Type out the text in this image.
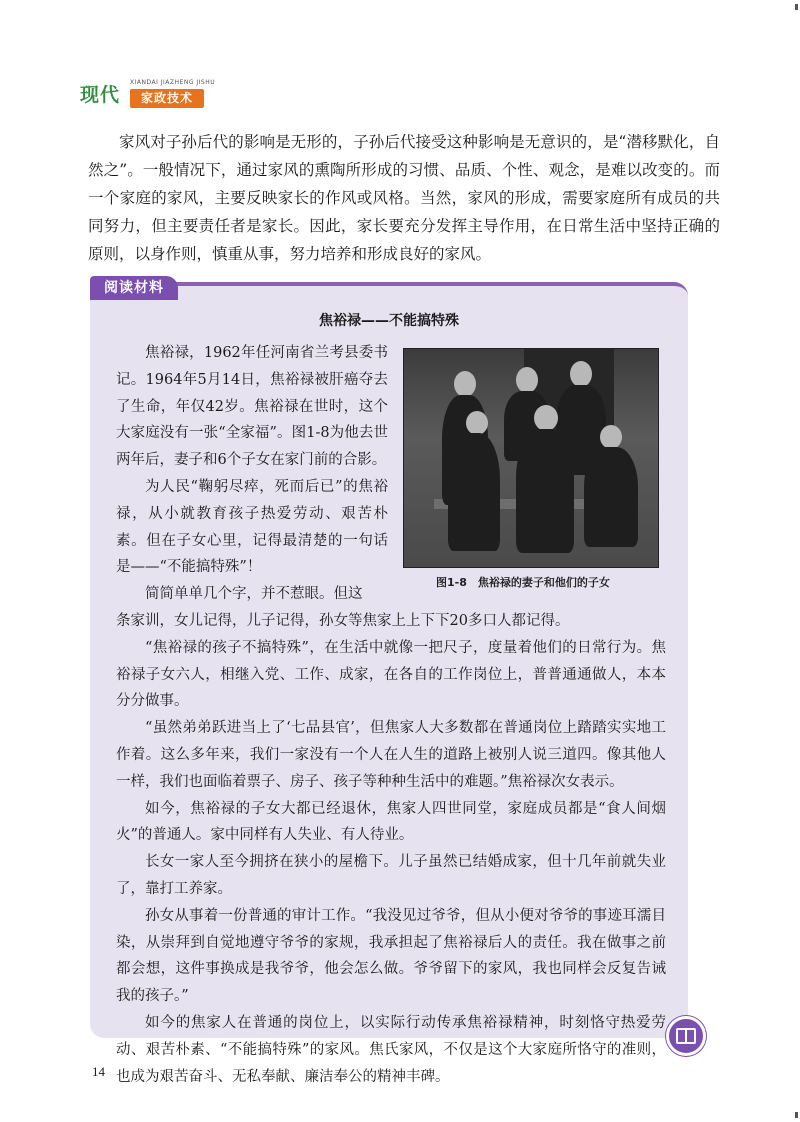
现代
XIANDAI JIAZHENG JISHU
家政技术

家风对子孙后代的影响是无形的，子孙后代接受这种影响是无意识的，是“潜移默化，自然之”。一般情况下，通过家风的熏陶所形成的习惯、品质、个性、观念，是难以改变的。而一个家庭的家风，主要反映家长的作风或风格。当然，家风的形成，需要家庭所有成员的共同努力，但主要责任者是家长。因此，家长要充分发挥主导作用，在日常生活中坚持正确的原则，以身作则，慎重从事，努力培养和形成良好的家风。

阅读材料
焦裕禄——不能搞特殊
图1-8　焦裕禄的妻子和他们的子女

焦裕禄，1962年任河南省兰考县委书记。1964年5月14日，焦裕禄被肝癌夺去了生命，年仅42岁。焦裕禄在世时，这个大家庭没有一张“全家福”。图1-8为他去世两年后，妻子和6个子女在家门前的合影。

为人民“鞠躬尽瘁，死而后已”的焦裕禄，从小就教育孩子热爱劳动、艰苦朴素。但在子女心里，记得最清楚的一句话是——“不能搞特殊”！

简简单单几个字，并不惹眼。但这

条家训，女儿记得，儿子记得，孙女等焦家上上下下20多口人都记得。

“焦裕禄的孩子不搞特殊”，在生活中就像一把尺子，度量着他们的日常行为。焦裕禄子女六人，相继入党、工作、成家，在各自的工作岗位上，普普通通做人，本本分分做事。

“虽然弟弟跃进当上了‘七品县官’，但焦家人大多数都在普通岗位上踏踏实实地工作着。这么多年来，我们一家没有一个人在人生的道路上被别人说三道四。像其他人一样，我们也面临着票子、房子、孩子等种种生活中的难题。”焦裕禄次女表示。

如今，焦裕禄的子女大都已经退休，焦家人四世同堂，家庭成员都是“食人间烟火”的普通人。家中同样有人失业、有人待业。

长女一家人至今拥挤在狭小的屋檐下。儿子虽然已结婚成家，但十几年前就失业了，靠打工养家。

孙女从事着一份普通的审计工作。“我没见过爷爷，但从小便对爷爷的事迹耳濡目染，从崇拜到自觉地遵守爷爷的家规，我承担起了焦裕禄后人的责任。我在做事之前都会想，这件事换成是我爷爷，他会怎么做。爷爷留下的家风，我也同样会反复告诫我的孩子。”

如今的焦家人在普通的岗位上，以实际行动传承焦裕禄精神，时刻恪守热爱劳动、艰苦朴素、“不能搞特殊”的家风。焦氏家风，不仅是这个大家庭所恪守的准则，也成为艰苦奋斗、无私奉献、廉洁奉公的精神丰碑。

14
